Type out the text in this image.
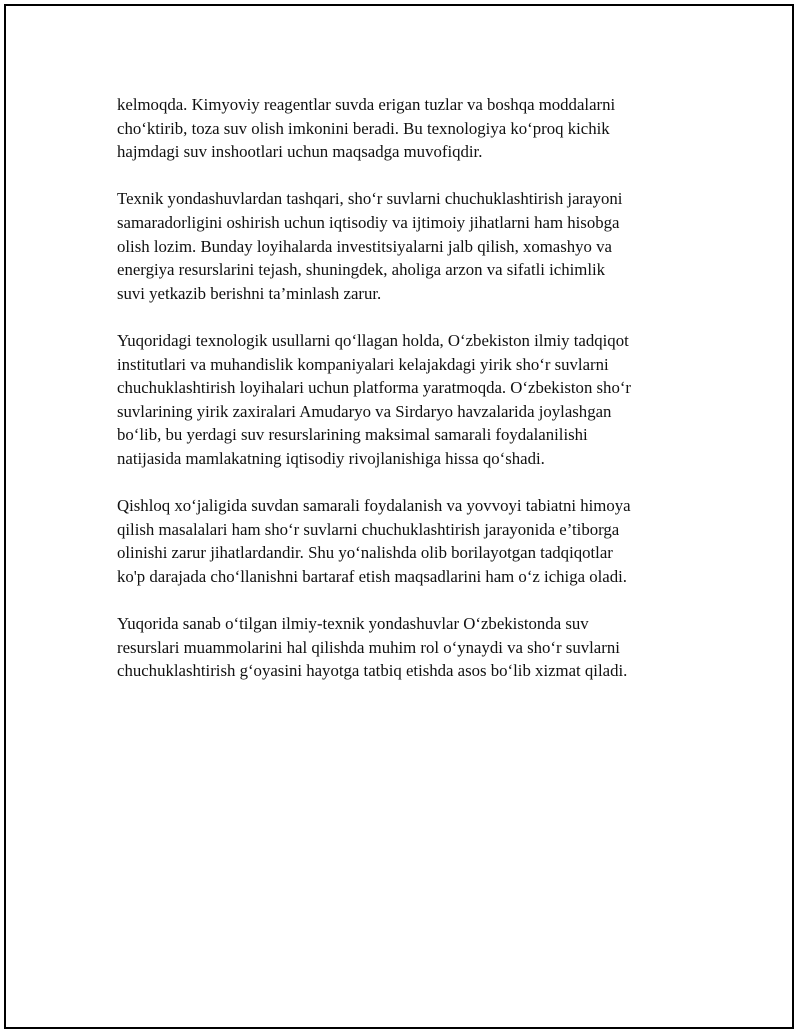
kelmoqda. Kimyoviy reagentlar suvda erigan tuzlar va boshqa moddalarni
cho‘ktirib, toza suv olish imkonini beradi. Bu texnologiya ko‘proq kichik
hajmdagi suv inshootlari uchun maqsadga muvofiqdir.

Texnik yondashuvlardan tashqari, sho‘r suvlarni chuchuklashtirish jarayoni
samaradorligini oshirish uchun iqtisodiy va ijtimoiy jihatlarni ham hisobga
olish lozim. Bunday loyihalarda investitsiyalarni jalb qilish, xomashyo va
energiya resurslarini tejash, shuningdek, aholiga arzon va sifatli ichimlik
suvi yetkazib berishni ta’minlash zarur.

Yuqoridagi texnologik usullarni qo‘llagan holda, O‘zbekiston ilmiy tadqiqot
institutlari va muhandislik kompaniyalari kelajakdagi yirik sho‘r suvlarni
chuchuklashtirish loyihalari uchun platforma yaratmoqda. O‘zbekiston sho‘r
suvlarining yirik zaxiralari Amudaryo va Sirdaryo havzalarida joylashgan
bo‘lib, bu yerdagi suv resurslarining maksimal samarali foydalanilishi
natijasida mamlakatning iqtisodiy rivojlanishiga hissa qo‘shadi.

Qishloq xo‘jaligida suvdan samarali foydalanish va yovvoyi tabiatni himoya
qilish masalalari ham sho‘r suvlarni chuchuklashtirish jarayonida e’tiborga
olinishi zarur jihatlardandir. Shu yo‘nalishda olib borilayotgan tadqiqotlar
ko'p darajada cho‘llanishni bartaraf etish maqsadlarini ham o‘z ichiga oladi.

Yuqorida sanab o‘tilgan ilmiy-texnik yondashuvlar O‘zbekistonda suv
resurslari muammolarini hal qilishda muhim rol o‘ynaydi va sho‘r suvlarni
chuchuklashtirish g‘oyasini hayotga tatbiq etishda asos bo‘lib xizmat qiladi.
